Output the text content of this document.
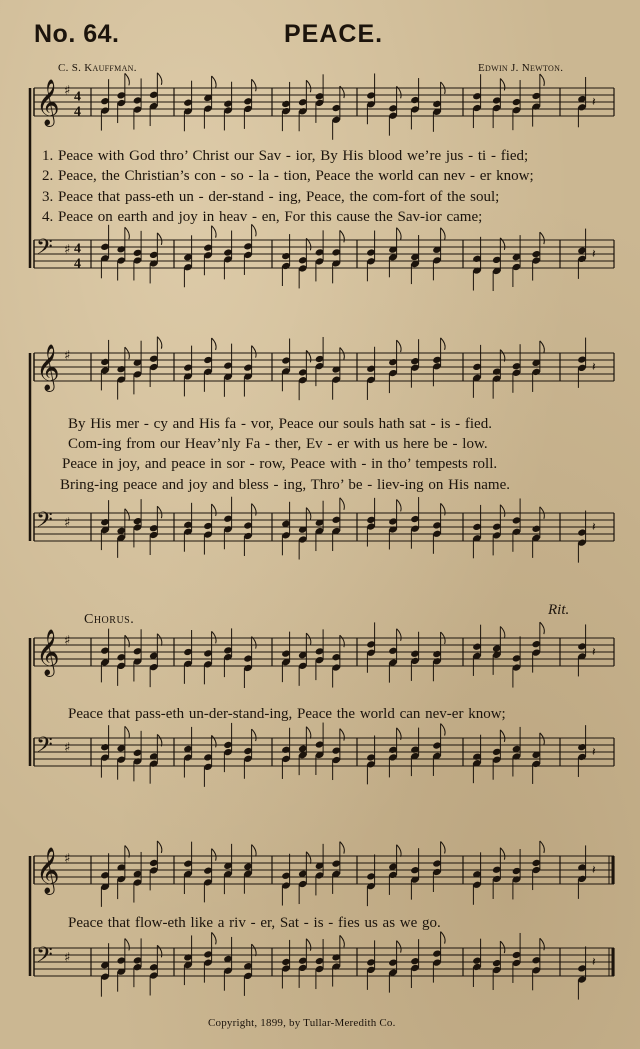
No. 64.	PEACE.
C. S. Kauffman.	Edwin J. Newton.
𝄞 ♯ 4
4
𝄽
𝄢 ♯ 4
4
𝄽
1. Peace with God thro’ Christ our Sav - ior, By His blood we’re jus - ti - fied;
2. Peace, the Christian’s con - so - la - tion, Peace the world can nev - er know;
3. Peace that pass-eth un - der-stand - ing, Peace, the com-fort of the soul;
4. Peace on earth and joy in heav - en, For this cause the Sav-ior came;
𝄞 ♯
𝄽
𝄢 ♯	𝄽
By His mer - cy and His fa - vor, Peace our souls hath sat - is - fied.
Com-ing from our Heav’nly Fa - ther, Ev - er with us here be - low.
Peace in joy, and peace in sor - row, Peace with - in tho’ tempests roll.
Bring-ing peace and joy and bless - ing, Thro’ be - liev-ing on His name.
Chorus.
Rit.
𝄞 ♯
𝄽
𝄢 ♯	𝄽
Peace that pass-eth un-der-stand-ing, Peace the world can nev-er know;
𝄞 ♯
𝄽
𝄢 ♯	𝄽
Peace that flow-eth like a riv - er, Sat - is - fies us as we go.
Copyright, 1899, by Tullar-Meredith Co.
